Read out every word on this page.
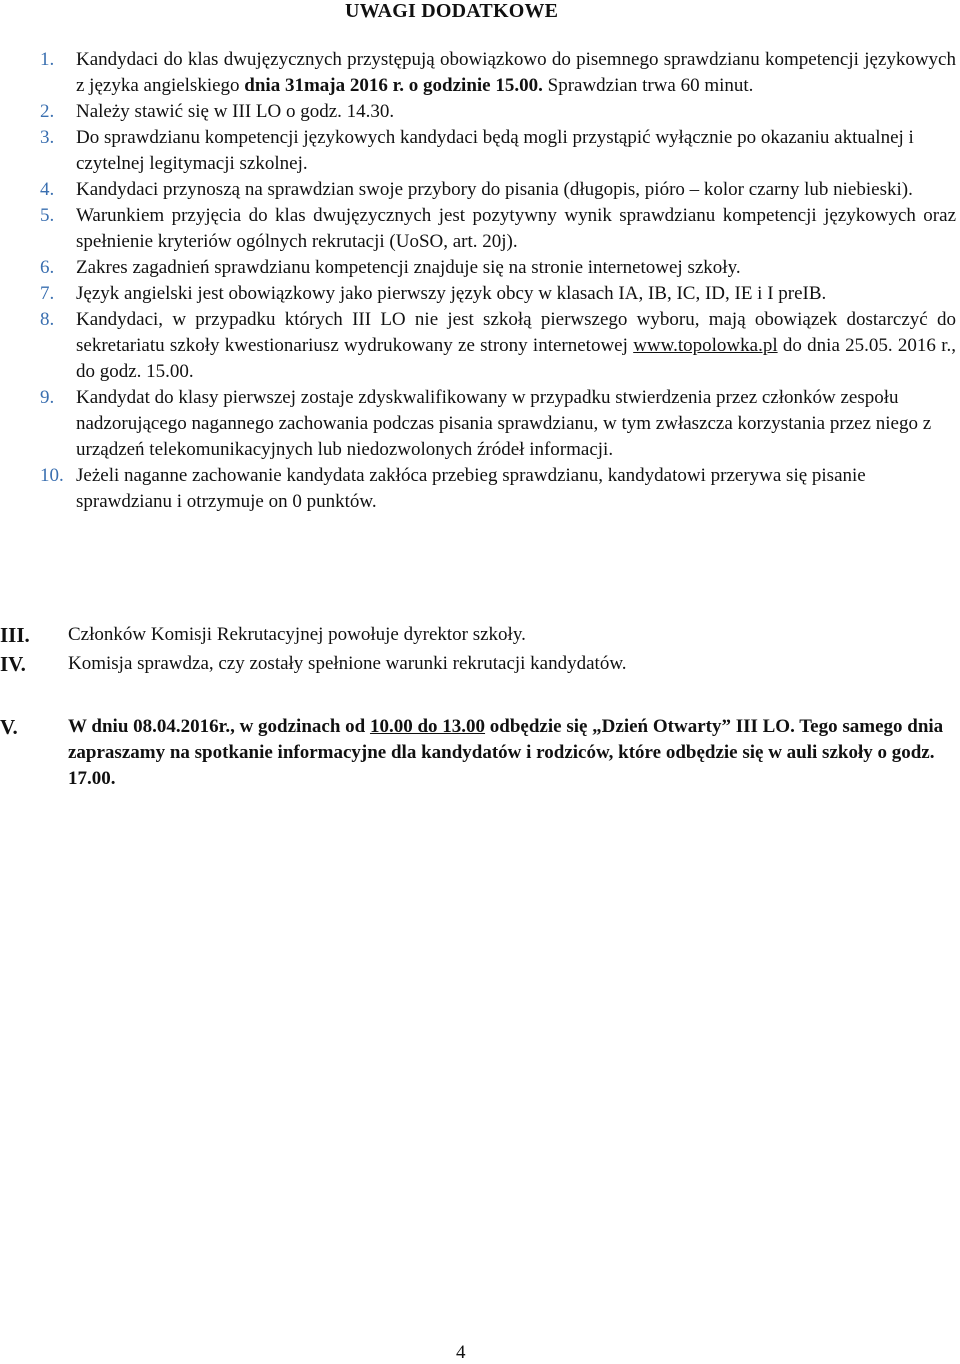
UWAGI DODATKOWE
1.	Kandydaci do klas dwujęzycznych przystępują obowiązkowo do pisemnego sprawdzianu kompetencji językowych z języka angielskiego dnia 31maja 2016 r. o godzinie 15.00. Sprawdzian trwa 60 minut.
2.	Należy stawić się w III LO o godz. 14.30.
3.	Do sprawdzianu kompetencji językowych kandydaci będą mogli przystąpić wyłącznie po okazaniu aktualnej i czytelnej legitymacji szkolnej.
4.	Kandydaci przynoszą na sprawdzian swoje przybory do pisania (długopis, pióro – kolor czarny lub niebieski).
5.	Warunkiem przyjęcia do klas dwujęzycznych jest pozytywny wynik sprawdzianu kompetencji językowych oraz spełnienie kryteriów ogólnych rekrutacji (UoSO, art. 20j).
6.	Zakres zagadnień sprawdzianu kompetencji znajduje się na stronie internetowej szkoły.
7.	Język angielski jest obowiązkowy jako pierwszy język obcy w klasach IA, IB, IC, ID, IE i I preIB.
8.	Kandydaci, w przypadku których III LO nie jest szkołą pierwszego wyboru, mają obowiązek dostarczyć do sekretariatu szkoły kwestionariusz wydrukowany ze strony internetowej www.topolowka.pl do dnia 25.05. 2016 r., do godz. 15.00.
9.	Kandydat do klasy pierwszej zostaje zdyskwalifikowany w przypadku stwierdzenia przez członków zespołu nadzorującego nagannego zachowania podczas pisania sprawdzianu, w tym zwłaszcza korzystania przez niego z urządzeń telekomunikacyjnych lub niedozwolonych źródeł informacji.
10. Jeżeli naganne zachowanie kandydata zakłóca przebieg sprawdzianu, kandydatowi przerywa się pisanie sprawdzianu i otrzymuje on 0 punktów.
III.	Członków Komisji Rekrutacyjnej powołuje dyrektor szkoły.
IV.	Komisja sprawdza, czy zostały spełnione warunki rekrutacji kandydatów.
V.	W dniu 08.04.2016r., w godzinach od 10.00 do 13.00 odbędzie się „Dzień Otwarty” III LO. Tego samego dnia zapraszamy na spotkanie informacyjne dla kandydatów i rodziców, które odbędzie się w auli szkoły o godz. 17.00.
4
